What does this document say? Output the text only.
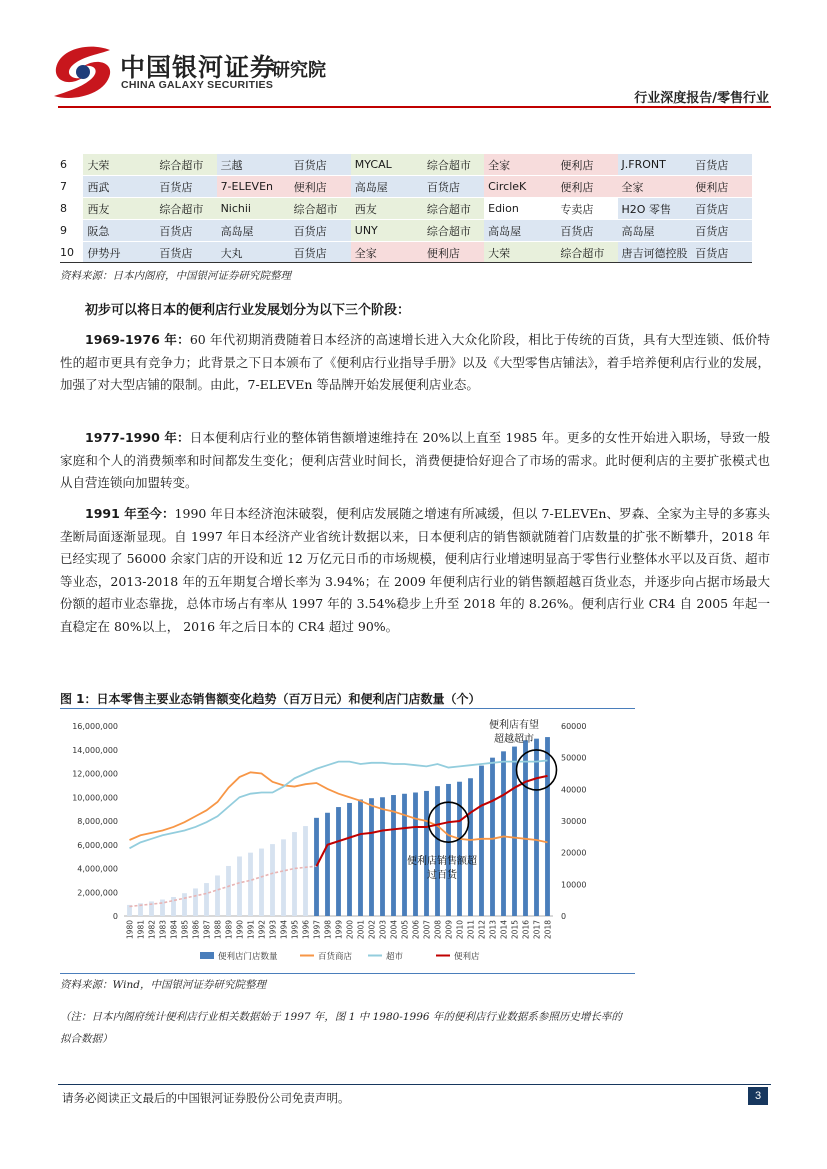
中国银河证券
CHINA GALAXY SECURITIES
研究院
行业深度报告/零售行业
6	大荣	综合超市	三越	百货店	MYCAL	综合超市	全家	便利店	J.FRONT	百货店
7	西武	百货店	7-ELEVEn	便利店	高岛屋	百货店	CircleK	便利店	全家	便利店
8	西友	综合超市	Nichii	综合超市	西友	综合超市	Edion	专卖店	H2O 零售	百货店
9	阪急	百货店	高岛屋	百货店	UNY	综合超市	高岛屋	百货店	高岛屋	百货店
10	伊势丹	百货店	大丸	百货店	全家	便利店	大荣	综合超市	唐吉诃德控股	百货店
资料来源：日本内阁府，中国银河证券研究院整理
初步可以将日本的便利店行业发展划分为以下三个阶段：
1969-1976 年：60 年代初期消费随着日本经济的高速增长进入大众化阶段，相比于传统的百货，具有大型连锁、低价特性的超市更具有竞争力；此背景之下日本颁布了《便利店行业指导手册》以及《大型零售店铺法》，着手培养便利店行业的发展，加强了对大型店铺的限制。由此，7-ELEVEn 等品牌开始发展便利店业态。
1977-1990 年：日本便利店行业的整体销售额增速维持在 20%以上直至 1985 年。更多的女性开始进入职场，导致一般家庭和个人的消费频率和时间都发生变化；便利店营业时间长，消费便捷恰好迎合了市场的需求。此时便利店的主要扩张模式也从自营连锁向加盟转变。
1991 年至今：1990 年日本经济泡沫破裂，便利店发展随之增速有所减缓，但以 7-ELEVEn、罗森、全家为主导的多寡头垄断局面逐渐显现。自 1997 年日本经济产业省统计数据以来，日本便利店的销售额就随着门店数量的扩张不断攀升，2018 年已经实现了 56000 余家门店的开设和近 12 万亿元日币的市场规模，便利店行业增速明显高于零售行业整体水平以及百货、超市等业态，2013-2018 年的五年期复合增长率为 3.94%；在 2009 年便利店行业的销售额超越百货业态，并逐步向占据市场最大份额的超市业态靠拢，总体市场占有率从 1997 年的 3.54%稳步上升至 2018 年的 8.26%。便利店行业 CR4 自 2005 年起一直稳定在 80%以上， 2016 年之后日本的 CR4 超过 90%。
图 1：日本零售主要业态销售额变化趋势（百万日元）和便利店门店数量（个）
0
2,000,000
4,000,000
6,000,000
8,000,000
10,000,000
12,000,000
14,000,000
16,000,000
0
10000
20000
30000
40000
50000
60000
1980 1981 1982 1983 1984 1985 1986 1987 1988 1989 1990 1991 1992 1993 1994 1995 1996 1997 1998 1999 2000 2001 2002 2003 2004 2005 2006 2007 2008 2009 2010 2011 2012 2013 2014 2015 2016 2017 2018
便利店有望
超越超市
便利店销售额超
过百货
便利店门店数量	百货商店	超市	便利店
资料来源：Wind，中国银河证券研究院整理
（注：日本内阁府统计便利店行业相关数据始于 1997 年，图 1 中 1980-1996 年的便利店行业数据系参照历史增长率的拟合数据）
请务必阅读正文最后的中国银河证券股份公司免责声明。	3
